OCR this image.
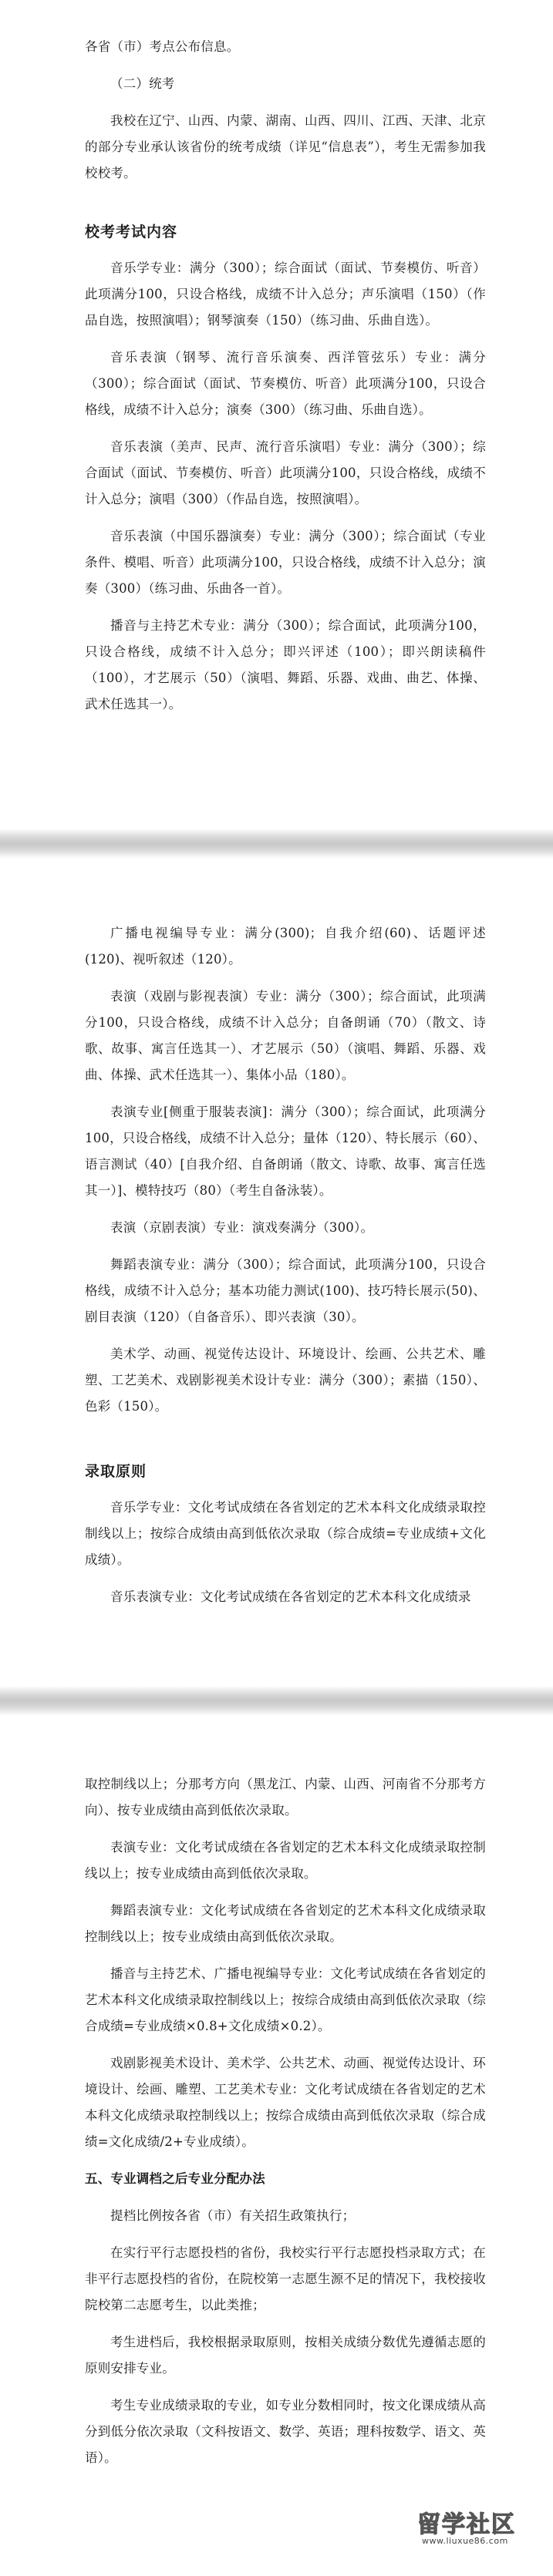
各省（市）考点公布信息。

（二）统考

我校在辽宁、山西、内蒙、湖南、山西、四川、江西、天津、北京的部分专业承认该省份的统考成绩（详见“信息表”），考生无需参加我校校考。

校考考试内容

音乐学专业：满分（300）；综合面试（面试、节奏模仿、听音）此项满分100，只设合格线，成绩不计入总分；声乐演唱（150）（作品自选，按照演唱）；钢琴演奏（150）（练习曲、乐曲自选）。

音乐表演（钢琴、流行音乐演奏、西洋管弦乐）专业：满分（300）；综合面试（面试、节奏模仿、听音）此项满分100，只设合格线，成绩不计入总分；演奏（300）（练习曲、乐曲自选）。

音乐表演（美声、民声、流行音乐演唱）专业：满分（300）；综合面试（面试、节奏模仿、听音）此项满分100，只设合格线，成绩不计入总分；演唱（300）（作品自选，按照演唱）。

音乐表演（中国乐器演奏）专业：满分（300）；综合面试（专业条件、模唱、听音）此项满分100，只设合格线，成绩不计入总分；演奏（300）（练习曲、乐曲各一首）。

播音与主持艺术专业：满分（300）；综合面试，此项满分100，只设合格线，成绩不计入总分；即兴评述（100）；即兴朗读稿件（100），才艺展示（50）（演唱、舞蹈、乐器、戏曲、曲艺、体操、武术任选其一）。

广播电视编导专业：满分(300)；自我介绍(60)、话题评述(120)、视听叙述（120）。

表演（戏剧与影视表演）专业：满分（300）；综合面试，此项满分100，只设合格线，成绩不计入总分；自备朗诵（70）（散文、诗歌、故事、寓言任选其一）、才艺展示（50）（演唱、舞蹈、乐器、戏曲、体操、武术任选其一）、集体小品（180）。

表演专业[侧重于服装表演]：满分（300）；综合面试，此项满分100，只设合格线，成绩不计入总分；量体（120）、特长展示（60）、语言测试（40）[自我介绍、自备朗诵（散文、诗歌、故事、寓言任选其一）]、模特技巧（80）（考生自备泳装）。

表演（京剧表演）专业：演戏奏满分（300）。

舞蹈表演专业：满分（300）；综合面试，此项满分100，只设合格线，成绩不计入总分；基本功能力测试(100)、技巧特长展示(50)、剧目表演（120）（自备音乐）、即兴表演（30）。

美术学、动画、视觉传达设计、环境设计、绘画、公共艺术、雕塑、工艺美术、戏剧影视美术设计专业：满分（300）；素描（150）、色彩（150）。

录取原则

音乐学专业：文化考试成绩在各省划定的艺术本科文化成绩录取控制线以上；按综合成绩由高到低依次录取（综合成绩=专业成绩+文化成绩）。

音乐表演专业：文化考试成绩在各省划定的艺术本科文化成绩录

取控制线以上；分那考方向（黑龙江、内蒙、山西、河南省不分那考方向）、按专业成绩由高到低依次录取。

表演专业：文化考试成绩在各省划定的艺术本科文化成绩录取控制线以上；按专业成绩由高到低依次录取。

舞蹈表演专业：文化考试成绩在各省划定的艺术本科文化成绩录取控制线以上；按专业成绩由高到低依次录取。

播音与主持艺术、广播电视编导专业：文化考试成绩在各省划定的艺术本科文化成绩录取控制线以上；按综合成绩由高到低依次录取（综合成绩=专业成绩×0.8+文化成绩×0.2）。

戏剧影视美术设计、美术学、公共艺术、动画、视觉传达设计、环境设计、绘画、雕塑、工艺美术专业：文化考试成绩在各省划定的艺术本科文化成绩录取控制线以上；按综合成绩由高到低依次录取（综合成绩=文化成绩/2+专业成绩）。

五、专业调档之后专业分配办法

提档比例按各省（市）有关招生政策执行；

在实行平行志愿投档的省份，我校实行平行志愿投档录取方式；在非平行志愿投档的省份，在院校第一志愿生源不足的情况下，我校接收院校第二志愿考生，以此类推；

考生进档后，我校根据录取原则，按相关成绩分数优先遵循志愿的原则安排专业。

考生专业成绩录取的专业，如专业分数相同时，按文化课成绩从高分到低分依次录取（文科按语文、数学、英语；理科按数学、语文、英语）。

留学社区
www.liuxue86.com
